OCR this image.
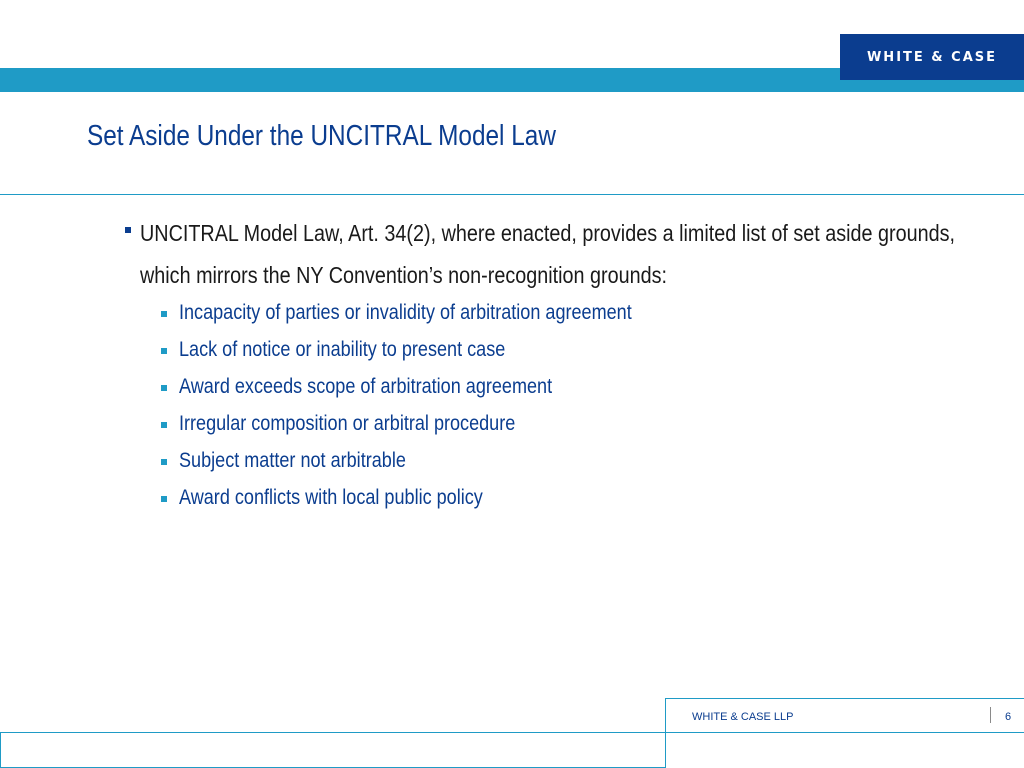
WHITE & CASE
Set Aside Under the UNCITRAL Model Law
UNCITRAL Model Law, Art. 34(2), where enacted, provides a limited list of set aside grounds, which mirrors the NY Convention’s non-recognition grounds:
Incapacity of parties or invalidity of arbitration agreement
Lack of notice or inability to present case
Award exceeds scope of arbitration agreement
Irregular composition or arbitral procedure
Subject matter not arbitrable
Award conflicts with local public policy
WHITE & CASE LLP	6
